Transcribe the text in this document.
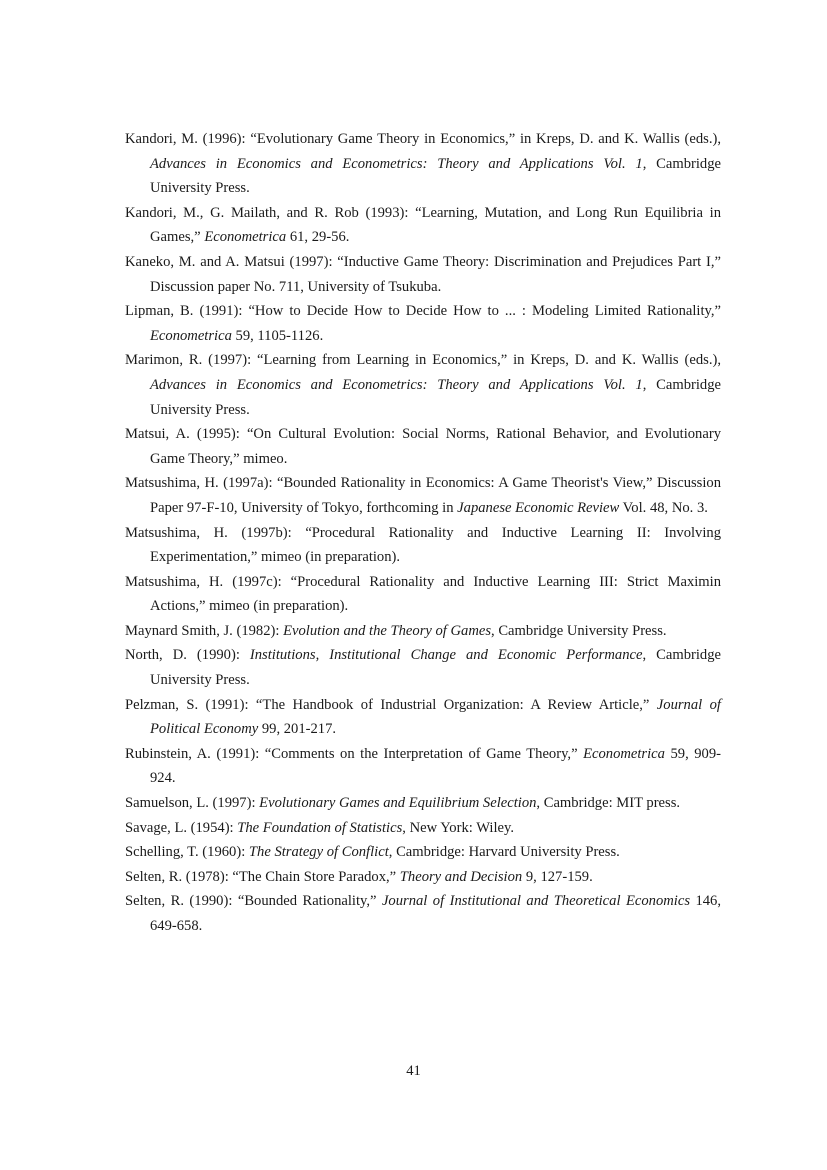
Kandori, M. (1996): “Evolutionary Game Theory in Economics,” in Kreps, D. and K. Wallis (eds.), Advances in Economics and Econometrics: Theory and Applications Vol. 1, Cambridge University Press.
Kandori, M., G. Mailath, and R. Rob (1993): “Learning, Mutation, and Long Run Equilibria in Games,” Econometrica 61, 29-56.
Kaneko, M. and A. Matsui (1997): “Inductive Game Theory: Discrimination and Prejudices Part I,” Discussion paper No. 711, University of Tsukuba.
Lipman, B. (1991): “How to Decide How to Decide How to ... : Modeling Limited Rationality,” Econometrica 59, 1105-1126.
Marimon, R. (1997): “Learning from Learning in Economics,” in Kreps, D. and K. Wallis (eds.), Advances in Economics and Econometrics: Theory and Applications Vol. 1, Cambridge University Press.
Matsui, A. (1995): “On Cultural Evolution: Social Norms, Rational Behavior, and Evolutionary Game Theory,” mimeo.
Matsushima, H. (1997a): “Bounded Rationality in Economics: A Game Theorist's View,” Discussion Paper 97-F-10, University of Tokyo, forthcoming in Japanese Economic Review Vol. 48, No. 3.
Matsushima, H. (1997b): “Procedural Rationality and Inductive Learning II: Involving Experimentation,” mimeo (in preparation).
Matsushima, H. (1997c): “Procedural Rationality and Inductive Learning III: Strict Maximin Actions,” mimeo (in preparation).
Maynard Smith, J. (1982): Evolution and the Theory of Games, Cambridge University Press.
North, D. (1990): Institutions, Institutional Change and Economic Performance, Cambridge University Press.
Pelzman, S. (1991): “The Handbook of Industrial Organization: A Review Article,” Journal of Political Economy 99, 201-217.
Rubinstein, A. (1991): “Comments on the Interpretation of Game Theory,” Econometrica 59, 909-924.
Samuelson, L. (1997): Evolutionary Games and Equilibrium Selection, Cambridge: MIT press.
Savage, L. (1954): The Foundation of Statistics, New York: Wiley.
Schelling, T. (1960): The Strategy of Conflict, Cambridge: Harvard University Press.
Selten, R. (1978): “The Chain Store Paradox,” Theory and Decision 9, 127-159.
Selten, R. (1990): “Bounded Rationality,” Journal of Institutional and Theoretical Economics 146, 649-658.
41
